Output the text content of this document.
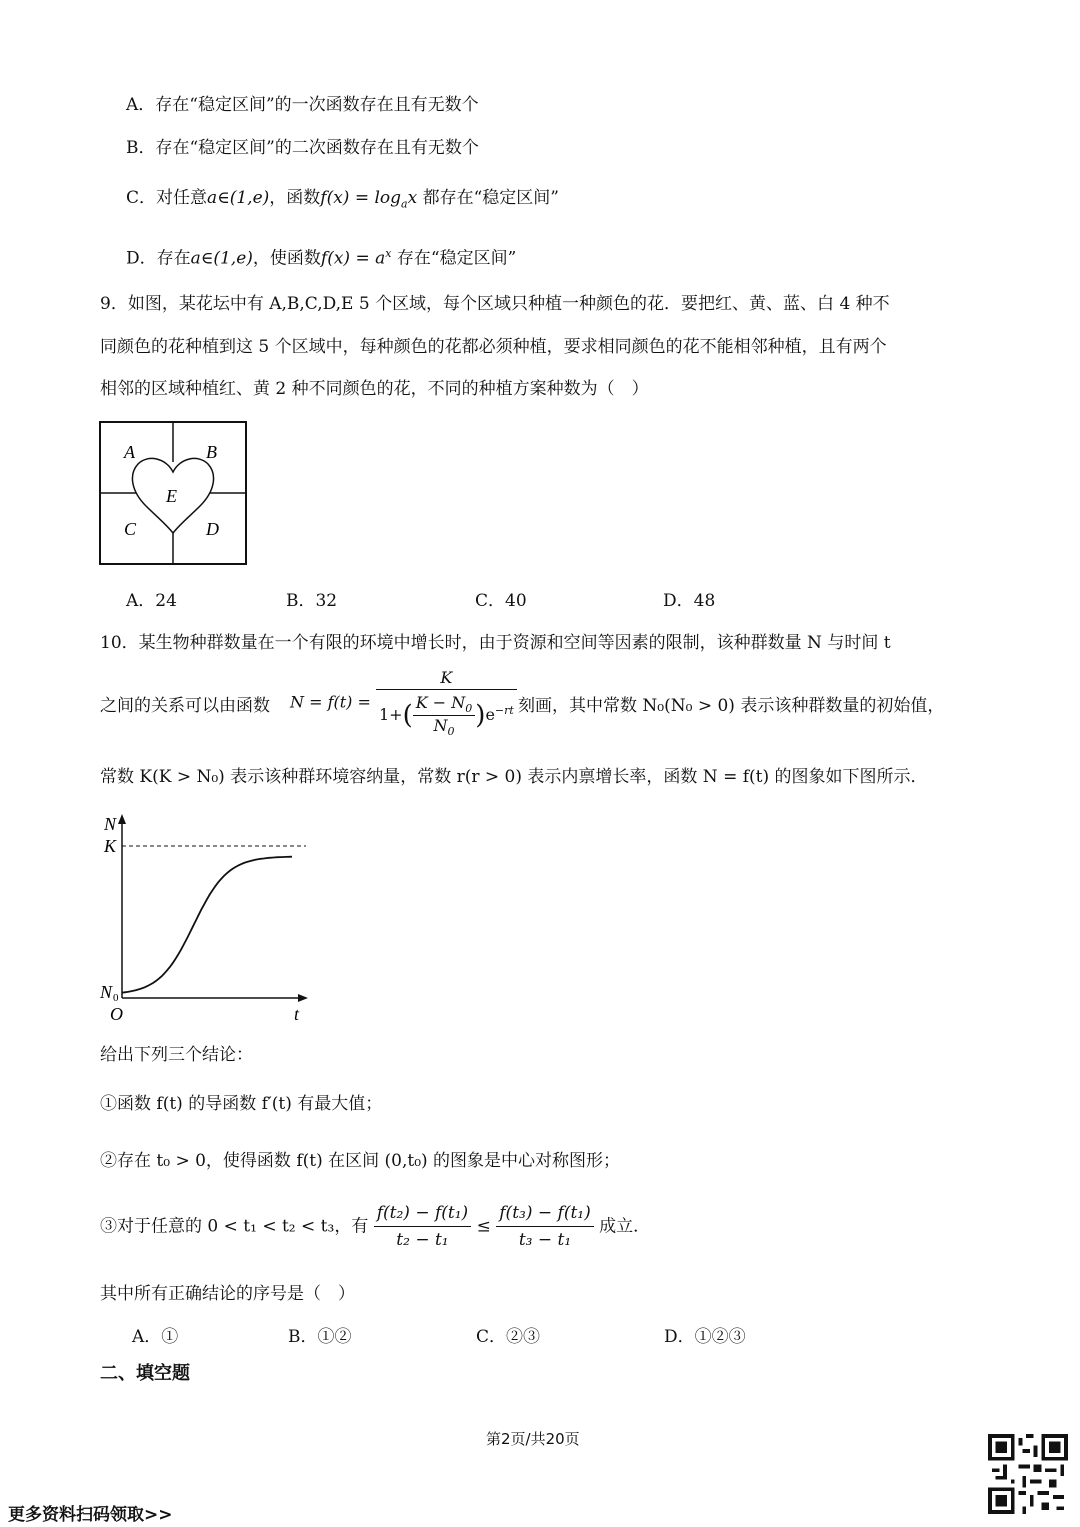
A．存在“稳定区间”的一次函数存在且有无数个
B．存在“稳定区间”的二次函数存在且有无数个
C．对任意a∈(1,e)，函数$f(x) = \log_ax$ 都存在“稳定区间”
D．存在a∈(1,e)，使函数$f(x) = a^x$ 存在“稳定区间”
9．如图，某花坛中有 A,B,C,D,E 5 个区域，每个区域只种植一种颜色的花．要把红、黄、蓝、白 4 种不
同颜色的花种植到这 5 个区域中，每种颜色的花都必须种植，要求相同颜色的花不能相邻种植，且有两个
相邻的区域种植红、黄 2 种不同颜色的花，不同的种植方案种数为（　）
A	B
E
C	D
A．24	B．32	C．40	D．48
10．某生物种群数量在一个有限的环境中增长时，由于资源和空间等因素的限制，该种群数量 N 与时间 t
之间的关系可以由函数 $N = f(t) = \frac{K}{1+( \frac{K - N_0}{N_0} )e^{-rt}}$ 刻画，其中常数 N₀(N₀ > 0) 表示该种群数量的初始值，
常数 K(K > N₀) 表示该种群环境容纳量，常数 r(r > 0) 表示内禀增长率，函数 N = f(t) 的图象如下图所示．
N
K
N 0
O	t
给出下列三个结论：
①函数 f(t) 的导函数 f′(t) 有最大值；
②存在 t₀ > 0，使得函数 f(t) 在区间 (0,t₀) 的图象是中心对称图形；
③对于任意的 0 < t₁ < t₂ < t₃，有 $\frac{\text{f(t₂) − f(t₁)}}{\text{t₂ − t₁}} \le \frac{\text{f(t₃) − f(t₁)}}{\text{t₃ − t₁}}$ 成立．
其中所有正确结论的序号是（　）
A．①	B．①②	C．②③	D．①②③
二、填空题
第2页/共20页
更多资料扫码领取>>
